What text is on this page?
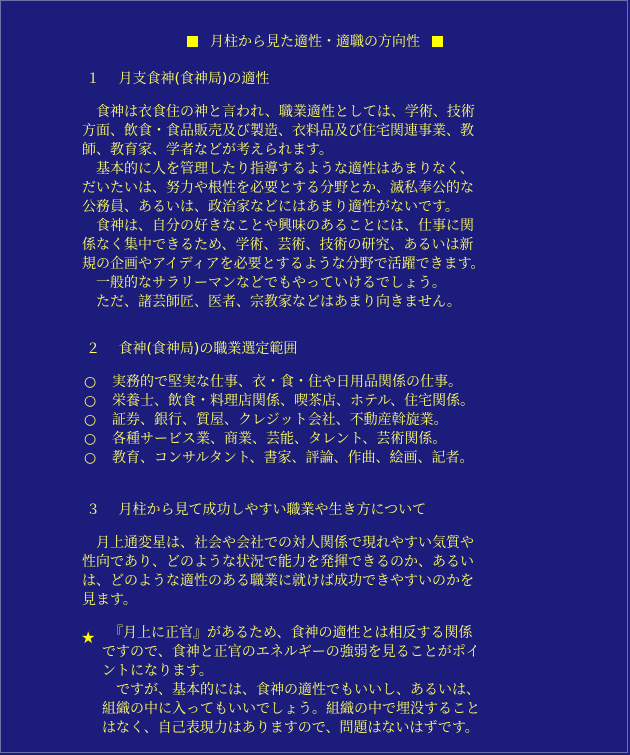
月柱から見た適性・適職の方向性
１　 月支食神(食神局)の適性
　食神は衣食住の神と言われ、職業適性としては、学術、技術
方面、飲食・食品販売及び製造、衣料品及び住宅関連事業、教
師、教育家、学者などが考えられます。
　基本的に人を管理したり指導するような適性はあまりなく、
だいたいは、努力や根性を必要とする分野とか、滅私奉公的な
公務員、あるいは、政治家などにはあまり適性がないです。
　食神は、自分の好きなことや興味のあることには、仕事に関
係なく集中できるため、学術、芸術、技術の研究、あるいは新
規の企画やアイディアを必要とするような分野で活躍できます。
　一般的なサラリーマンなどでもやっていけるでしょう。
　ただ、諸芸師匠、医者、宗教家などはあまり向きません。
２　 食神(食神局)の職業選定範囲
○ 実務的で堅実な仕事、衣・食・住や日用品関係の仕事。
○ 栄養士、飲食・料理店関係、喫茶店、ホテル、住宅関係。
○ 証券、銀行、質屋、クレジット会社、不動産斡旋業。
○ 各種サービス業、商業、芸能、タレント、芸術関係。
○ 教育、コンサルタント、書家、評論、作曲、絵画、記者。
３　 月柱から見て成功しやすい職業や生き方について
　月上通変星は、社会や会社での対人関係で現れやすい気質や
性向であり、どのような状況で能力を発揮できるのか、あるい
は、どのような適性のある職業に就けば成功できやすいのかを
見ます。
★ 　『月上に正官』があるため、食神の適性とは相反する関係
ですので、食神と正官のエネルギーの強弱を見ることがポイ
ントになります。
　ですが、基本的には、食神の適性でもいいし、あるいは、
組織の中に入ってもいいでしょう。組織の中で埋没すること
はなく、自己表現力はありますので、問題はないはずです。
